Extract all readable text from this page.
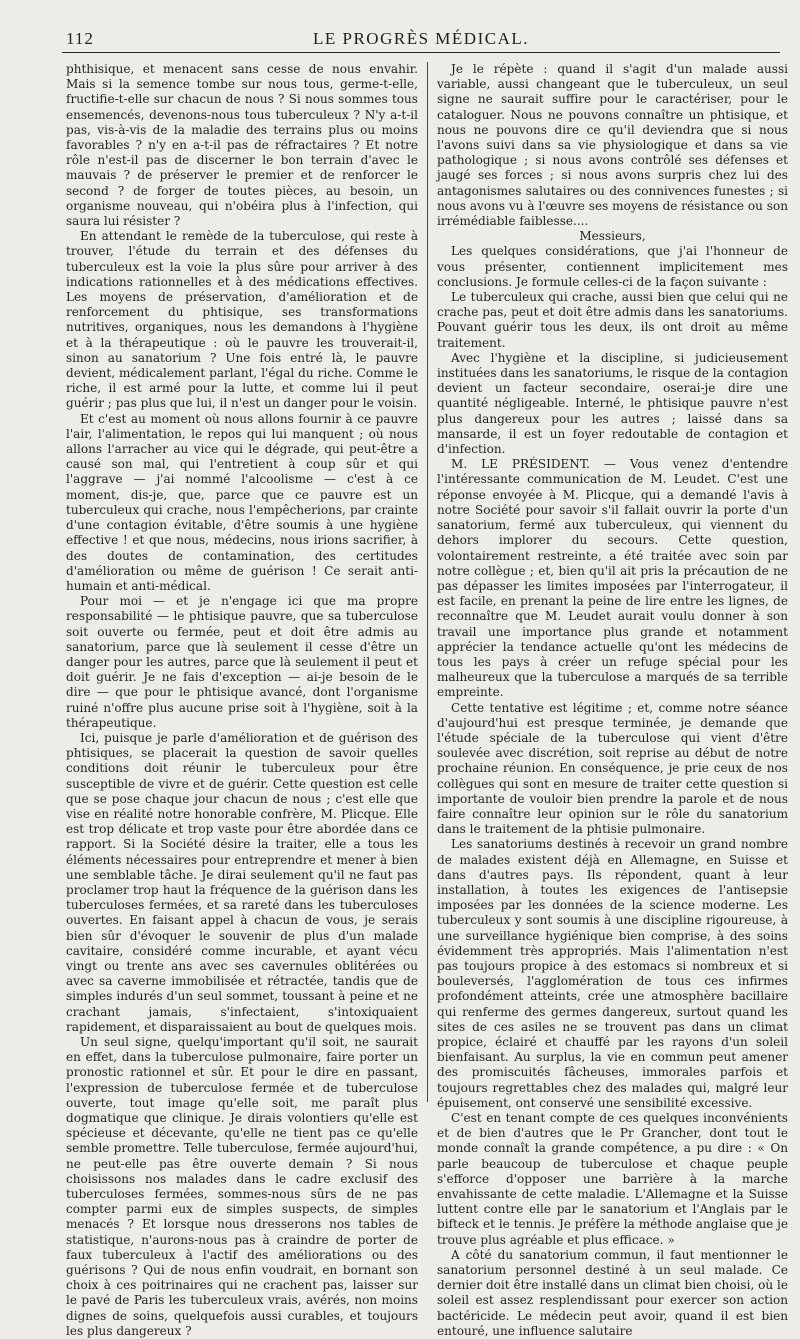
112	LE PROGRÈS MÉDICAL.

phthisique, et menacent sans cesse de nous envahir. Mais si la semence tombe sur nous tous, germe-t-elle, fructifie-t-elle sur chacun de nous ? Si nous sommes tous ensemencés, devenons-nous tous tuberculeux ? N'y a-t-il pas, vis-à-vis de la maladie des terrains plus ou moins favorables ? n'y en a-t-il pas de réfractaires ? Et notre rôle n'est-il pas de discerner le bon terrain d'avec le mauvais ? de préserver le premier et de renforcer le second ? de forger de toutes pièces, au besoin, un organisme nouveau, qui n'obéira plus à l'infection, qui saura lui résister ?

En attendant le remède de la tuberculose, qui reste à trouver, l'étude du terrain et des défenses du tuberculeux est la voie la plus sûre pour arriver à des indications rationnelles et à des médications effectives. Les moyens de préservation, d'amélioration et de renforcement du phtisique, ses transformations nutritives, organiques, nous les demandons à l'hygiène et à la thérapeutique : où le pauvre les trouverait-il, sinon au sanatorium ? Une fois entré là, le pauvre devient, médicalement parlant, l'égal du riche. Comme le riche, il est armé pour la lutte, et comme lui il peut guérir ; pas plus que lui, il n'est un danger pour le voisin.

Et c'est au moment où nous allons fournir à ce pauvre l'air, l'alimentation, le repos qui lui manquent ; où nous allons l'arracher au vice qui le dégrade, qui peut-être a causé son mal, qui l'entretient à coup sûr et qui l'aggrave — j'ai nommé l'alcoolisme — c'est à ce moment, dis-je, que, parce que ce pauvre est un tuberculeux qui crache, nous l'empêcherions, par crainte d'une contagion évitable, d'être soumis à une hygiène effective ! et que nous, médecins, nous irions sacrifier, à des doutes de contamination, des certitudes d'amélioration ou même de guérison ! Ce serait anti-humain et anti-médical.

Pour moi — et je n'engage ici que ma propre responsabilité — le phtisique pauvre, que sa tuberculose soit ouverte ou fermée, peut et doit être admis au sanatorium, parce que là seulement il cesse d'être un danger pour les autres, parce que là seulement il peut et doit guérir. Je ne fais d'exception — ai-je besoin de le dire — que pour le phtisique avancé, dont l'organisme ruiné n'offre plus aucune prise soit à l'hygiène, soit à la thérapeutique.

Ici, puisque je parle d'amélioration et de guérison des phtisiques, se placerait la question de savoir quelles conditions doit réunir le tuberculeux pour être susceptible de vivre et de guérir. Cette question est celle que se pose chaque jour chacun de nous ; c'est elle que vise en réalité notre honorable confrère, M. Plicque. Elle est trop délicate et trop vaste pour être abordée dans ce rapport. Si la Société désire la traiter, elle a tous les éléments nécessaires pour entreprendre et mener à bien une semblable tâche. Je dirai seulement qu'il ne faut pas proclamer trop haut la fréquence de la guérison dans les tuberculoses fermées, et sa rareté dans les tuberculoses ouvertes. En faisant appel à chacun de vous, je serais bien sûr d'évoquer le souvenir de plus d'un malade cavitaire, considéré comme incurable, et ayant vécu vingt ou trente ans avec ses cavernules oblitérées ou avec sa caverne immobilisée et rétractée, tandis que de simples indurés d'un seul sommet, toussant à peine et ne crachant jamais, s'infectaient, s'intoxiquaient rapidement, et disparaissaient au bout de quelques mois.

Un seul signe, quelqu'important qu'il soit, ne saurait en effet, dans la tuberculose pulmonaire, faire porter un pronostic rationnel et sûr. Et pour le dire en passant, l'expression de tuberculose fermée et de tuberculose ouverte, tout image qu'elle soit, me paraît plus dogmatique que clinique. Je dirais volontiers qu'elle est spécieuse et décevante, qu'elle ne tient pas ce qu'elle semble promettre. Telle tuberculose, fermée aujourd'hui, ne peut-elle pas être ouverte demain ? Si nous choisissons nos malades dans le cadre exclusif des tuberculoses fermées, sommes-nous sûrs de ne pas compter parmi eux de simples suspects, de simples menacés ? Et lorsque nous dresserons nos tables de statistique, n'aurons-nous pas à craindre de porter de faux tuberculeux à l'actif des améliorations ou des guérisons ? Qui de nous enfin voudrait, en bornant son choix à ces poitrinaires qui ne crachent pas, laisser sur le pavé de Paris les tuberculeux vrais, avérés, non moins dignes de soins, quelquefois aussi curables, et toujours les plus dangereux ?

Je le répète : quand il s'agit d'un malade aussi variable, aussi changeant que le tuberculeux, un seul signe ne saurait suffire pour le caractériser, pour le cataloguer. Nous ne pouvons connaître un phtisique, et nous ne pouvons dire ce qu'il deviendra que si nous l'avons suivi dans sa vie physiologique et dans sa vie pathologique ; si nous avons contrôlé ses défenses et jaugé ses forces ; si nous avons surpris chez lui des antagonismes salutaires ou des connivences funestes ; si nous avons vu à l'œuvre ses moyens de résistance ou son irrémédiable faiblesse....

Messieurs,

Les quelques considérations, que j'ai l'honneur de vous présenter, contiennent implicitement mes conclusions. Je formule celles-ci de la façon suivante :

Le tuberculeux qui crache, aussi bien que celui qui ne crache pas, peut et doit être admis dans les sanatoriums. Pouvant guérir tous les deux, ils ont droit au même traitement.

Avec l'hygiène et la discipline, si judicieusement instituées dans les sanatoriums, le risque de la contagion devient un facteur secondaire, oserai-je dire une quantité négligeable. Interné, le phtisique pauvre n'est plus dangereux pour les autres ; laissé dans sa mansarde, il est un foyer redoutable de contagion et d'infection.

M. LE PRÉSIDENT. — Vous venez d'entendre l'intéressante communication de M. Leudet. C'est une réponse envoyée à M. Plicque, qui a demandé l'avis à notre Société pour savoir s'il fallait ouvrir la porte d'un sanatorium, fermé aux tuberculeux, qui viennent du dehors implorer du secours. Cette question, volontairement restreinte, a été traitée avec soin par notre collègue ; et, bien qu'il ait pris la précaution de ne pas dépasser les limites imposées par l'interrogateur, il est facile, en prenant la peine de lire entre les lignes, de reconnaître que M. Leudet aurait voulu donner à son travail une importance plus grande et notamment apprécier la tendance actuelle qu'ont les médecins de tous les pays à créer un refuge spécial pour les malheureux que la tuberculose a marqués de sa terrible empreinte.

Cette tentative est légitime ; et, comme notre séance d'aujourd'hui est presque terminée, je demande que l'étude spéciale de la tuberculose qui vient d'être soulevée avec discrétion, soit reprise au début de notre prochaine réunion. En conséquence, je prie ceux de nos collègues qui sont en mesure de traiter cette question si importante de vouloir bien prendre la parole et de nous faire connaître leur opinion sur le rôle du sanatorium dans le traitement de la phtisie pulmonaire.

Les sanatoriums destinés à recevoir un grand nombre de malades existent déjà en Allemagne, en Suisse et dans d'autres pays. Ils répondent, quant à leur installation, à toutes les exigences de l'antisepsie imposées par les données de la science moderne. Les tuberculeux y sont soumis à une discipline rigoureuse, à une surveillance hygiénique bien comprise, à des soins évidemment très appropriés. Mais l'alimentation n'est pas toujours propice à des estomacs si nombreux et si bouleversés, l'agglomération de tous ces infirmes profondément atteints, crée une atmosphère bacillaire qui renferme des germes dangereux, surtout quand les sites de ces asiles ne se trouvent pas dans un climat propice, éclairé et chauffé par les rayons d'un soleil bienfaisant. Au surplus, la vie en commun peut amener des promiscuités fâcheuses, immorales parfois et toujours regrettables chez des malades qui, malgré leur épuisement, ont conservé une sensibilité excessive.

C'est en tenant compte de ces quelques inconvénients et de bien d'autres que le Pr Grancher, dont tout le monde connaît la grande compétence, a pu dire : « On parle beaucoup de tuberculose et chaque peuple s'efforce d'opposer une barrière à la marche envahissante de cette maladie. L'Allemagne et la Suisse luttent contre elle par le sanatorium et l'Anglais par le bifteck et le tennis. Je préfère la méthode anglaise que je trouve plus agréable et plus efficace. »

A côté du sanatorium commun, il faut mentionner le sanatorium personnel destiné à un seul malade. Ce dernier doit être installé dans un climat bien choisi, où le soleil est assez resplendissant pour exercer son action bactéricide. Le médecin peut avoir, quand il est bien entouré, une influence salutaire
